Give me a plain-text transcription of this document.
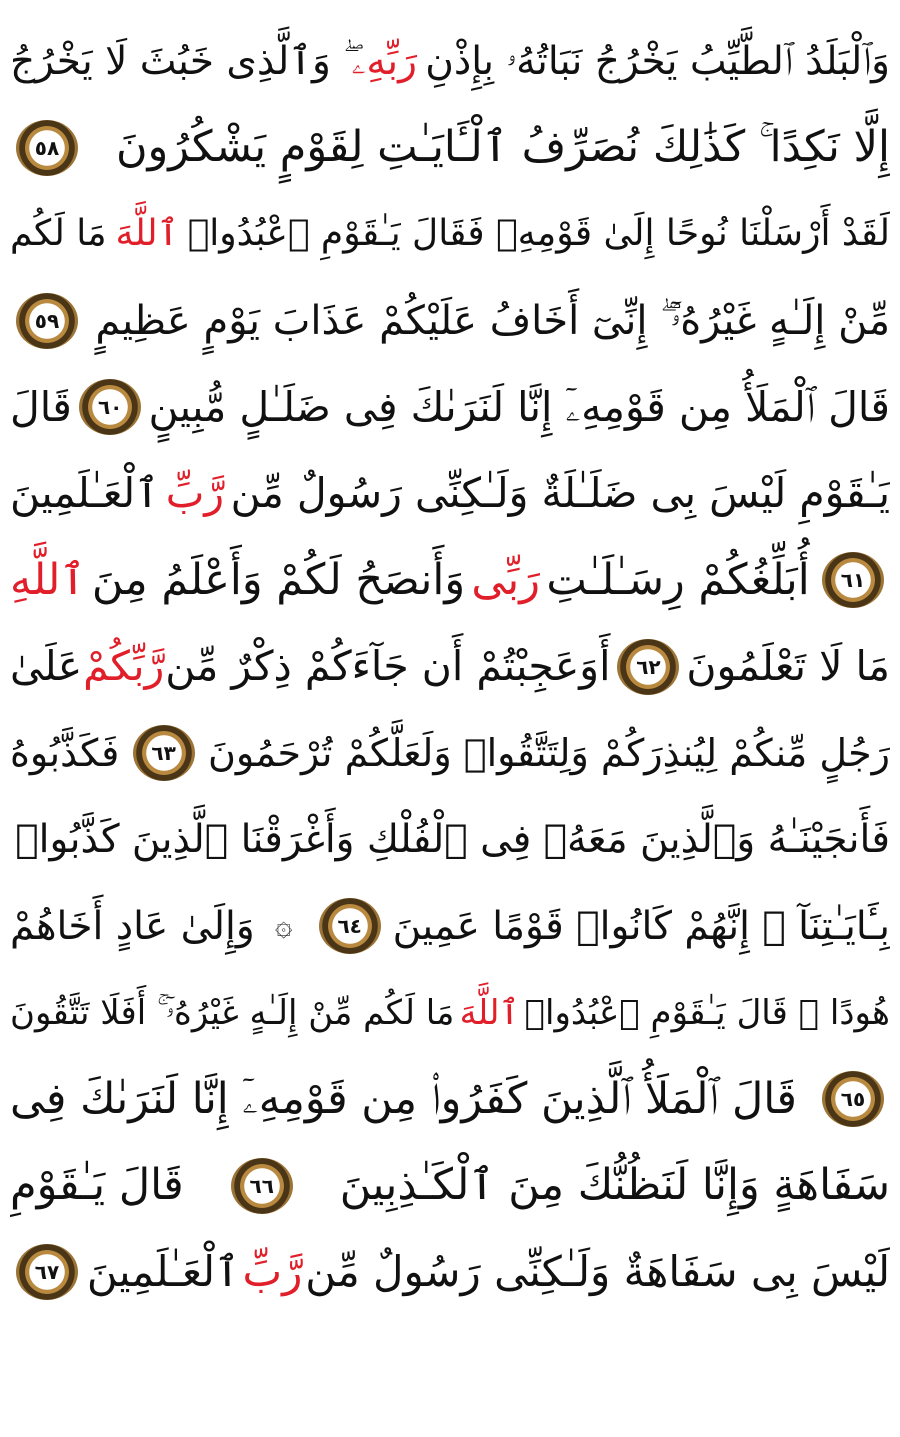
وَٱلْبَلَدُ ٱلطَّيِّبُ يَخْرُجُ نَبَاتُهُۥ بِإِذْنِ
رَبِّهِۦ
ۖ وَٱلَّذِى خَبُثَ لَا يَخْرُجُ
إِلَّا نَكِدًا ۚ كَذَٰلِكَ نُصَرِّفُ ٱلْـَٔايَـٰتِ لِقَوْمٍ يَشْكُرُونَ
٥٨
لَقَدْ أَرْسَلْنَا نُوحًا إِلَىٰ قَوْمِهِۦ فَقَالَ يَـٰقَوْمِ ٱعْبُدُوا۟
ٱللَّهَ
مَا لَكُم
مِّنْ إِلَـٰهٍ غَيْرُهُۥٓ ۖ إِنِّىٓ أَخَافُ عَلَيْكُمْ عَذَابَ يَوْمٍ عَظِيمٍ
٥٩
قَالَ ٱلْمَلَأُ مِن قَوْمِهِۦٓ إِنَّا لَنَرَىٰكَ فِى ضَلَـٰلٍ مُّبِينٍ
٦٠
قَالَ
يَـٰقَوْمِ لَيْسَ بِى ضَلَـٰلَةٌ وَلَـٰكِنِّى رَسُولٌ مِّن
رَّبِّ
ٱلْعَـٰلَمِينَ
٦١
أُبَلِّغُكُمْ رِسَـٰلَـٰتِ
رَبِّى
وَأَنصَحُ لَكُمْ وَأَعْلَمُ مِنَ
ٱللَّهِ
مَا لَا تَعْلَمُونَ
٦٢
أَوَعَجِبْتُمْ أَن جَآءَكُمْ ذِكْرٌ مِّن
رَّبِّكُمْ
عَلَىٰ
رَجُلٍ مِّنكُمْ لِيُنذِرَكُمْ وَلِتَتَّقُوا۟ وَلَعَلَّكُمْ تُرْحَمُونَ
٦٣
فَكَذَّبُوهُ
فَأَنجَيْنَـٰهُ وَٱلَّذِينَ مَعَهُۥ فِى ٱلْفُلْكِ وَأَغْرَقْنَا ٱلَّذِينَ كَذَّبُوا۟
بِـَٔايَـٰتِنَآ ۚ إِنَّهُمْ كَانُوا۟ قَوْمًا عَمِينَ
٦٤
۞
وَإِلَىٰ عَادٍ أَخَاهُمْ
هُودًا ۗ قَالَ يَـٰقَوْمِ ٱعْبُدُوا۟
ٱللَّهَ
مَا لَكُم مِّنْ إِلَـٰهٍ غَيْرُهُۥٓ ۚ أَفَلَا تَتَّقُونَ
٦٥
قَالَ ٱلْمَلَأُ ٱلَّذِينَ كَفَرُوا۟ مِن قَوْمِهِۦٓ إِنَّا لَنَرَىٰكَ فِى
سَفَاهَةٍ وَإِنَّا لَنَظُنُّكَ مِنَ ٱلْكَـٰذِبِينَ
٦٦
قَالَ يَـٰقَوْمِ
لَيْسَ بِى سَفَاهَةٌ وَلَـٰكِنِّى رَسُولٌ مِّن
رَّبِّ
ٱلْعَـٰلَمِينَ
٦٧
